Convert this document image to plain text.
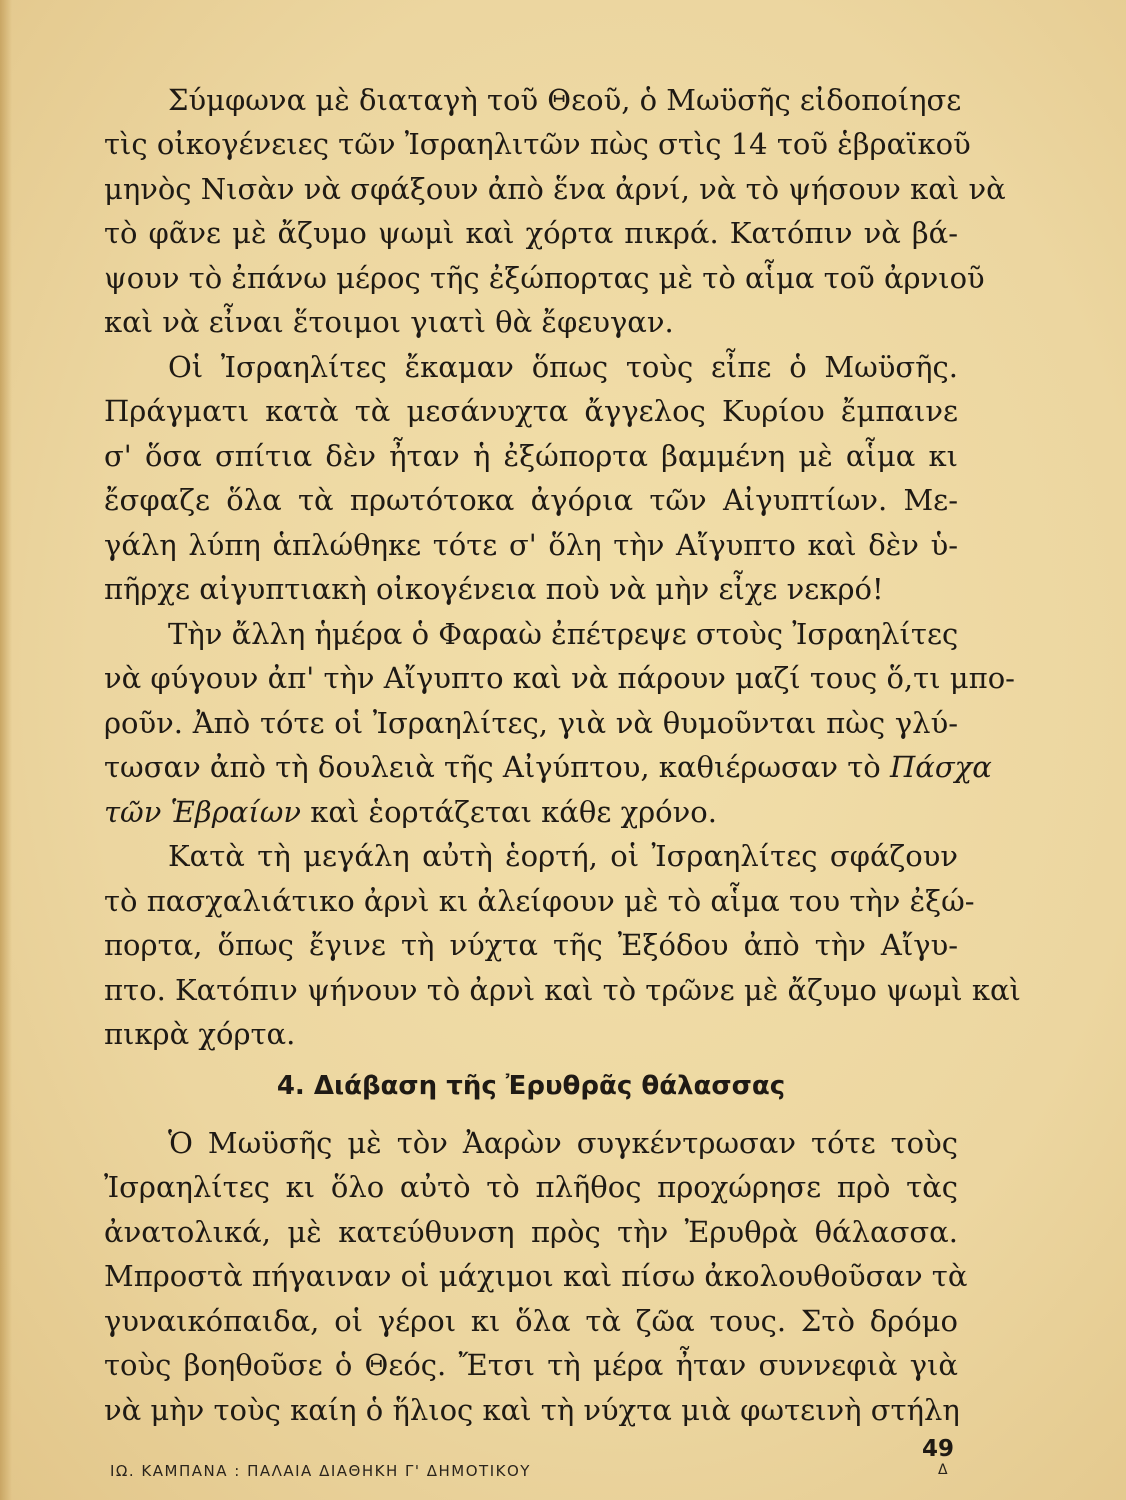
Σύμφωνα μὲ διαταγὴ τοῦ Θεοῦ, ὁ Μωϋσῆς εἰδοποίησε
τὶς οἰκογένειες τῶν Ἰσραηλιτῶν πὼς στὶς 14 τοῦ ἑβραϊκοῦ
μηνὸς Νισὰν νὰ σφάξουν ἀπὸ ἕνα ἀρνί, νὰ τὸ ψήσουν καὶ νὰ
τὸ φᾶνε μὲ ἄζυμο ψωμὶ καὶ χόρτα πικρά. Κατόπιν νὰ βά-
ψουν τὸ ἐπάνω μέρος τῆς ἐξώπορτας μὲ τὸ αἷμα τοῦ ἀρνιοῦ
καὶ νὰ εἶναι ἕτοιμοι γιατὶ θὰ ἔφευγαν.
Οἱ Ἰσραηλίτες ἔκαμαν ὅπως τοὺς εἶπε ὁ Μωϋσῆς.
Πράγματι κατὰ τὰ μεσάνυχτα ἄγγελος Κυρίου ἔμπαινε
σ' ὅσα σπίτια δὲν ἦταν ἡ ἐξώπορτα βαμμένη μὲ αἷμα κι
ἔσφαζε ὅλα τὰ πρωτότοκα ἀγόρια τῶν Αἰγυπτίων. Με-
γάλη λύπη ἁπλώθηκε τότε σ' ὅλη τὴν Αἴγυπτο καὶ δὲν ὑ-
πῆρχε αἰγυπτιακὴ οἰκογένεια ποὺ νὰ μὴν εἶχε νεκρό!
Τὴν ἄλλη ἡμέρα ὁ Φαραὼ ἐπέτρεψε στοὺς Ἰσραηλίτες
νὰ φύγουν ἀπ' τὴν Αἴγυπτο καὶ νὰ πάρουν μαζί τους ὅ,τι μπο-
ροῦν. Ἀπὸ τότε οἱ Ἰσραηλίτες, γιὰ νὰ θυμοῦνται πὼς γλύ-
τωσαν ἀπὸ τὴ δουλειὰ τῆς Αἰγύπτου, καθιέρωσαν τὸ Πάσχα
τῶν Ἑβραίων καὶ ἑορτάζεται κάθε χρόνο.
Κατὰ τὴ μεγάλη αὐτὴ ἑορτή, οἱ Ἰσραηλίτες σφάζουν
τὸ πασχαλιάτικο ἀρνὶ κι ἀλείφουν μὲ τὸ αἷμα του τὴν ἐξώ-
πορτα, ὅπως ἔγινε τὴ νύχτα τῆς Ἐξόδου ἀπὸ τὴν Αἴγυ-
πτο. Κατόπιν ψήνουν τὸ ἀρνὶ καὶ τὸ τρῶνε μὲ ἄζυμο ψωμὶ καὶ
πικρὰ χόρτα.
4. Διάβαση τῆς Ἐρυθρᾶς θάλασσας
Ὁ Μωϋσῆς μὲ τὸν Ἀαρὼν συγκέντρωσαν τότε τοὺς
Ἰσραηλίτες κι ὅλο αὐτὸ τὸ πλῆθος προχώρησε πρὸ τὰς
ἀνατολικά, μὲ κατεύθυνση πρὸς τὴν Ἐρυθρὰ θάλασσα.
Μπροστὰ πήγαιναν οἱ μάχιμοι καὶ πίσω ἀκολουθοῦσαν τὰ
γυναικόπαιδα, οἱ γέροι κι ὅλα τὰ ζῶα τους. Στὸ δρόμο
τοὺς βοηθοῦσε ὁ Θεός. Ἔτσι τὴ μέρα ἦταν συννεφιὰ γιὰ
νὰ μὴν τοὺς καίη ὁ ἥλιος καὶ τὴ νύχτα μιὰ φωτεινὴ στήλη
49
ΙΩ. ΚΑΜΠΑΝΑ : ΠΑΛΑΙΑ ΔΙΑΘΗΚΗ Γ' ΔΗΜΟΤΙΚΟΥ	Δ
